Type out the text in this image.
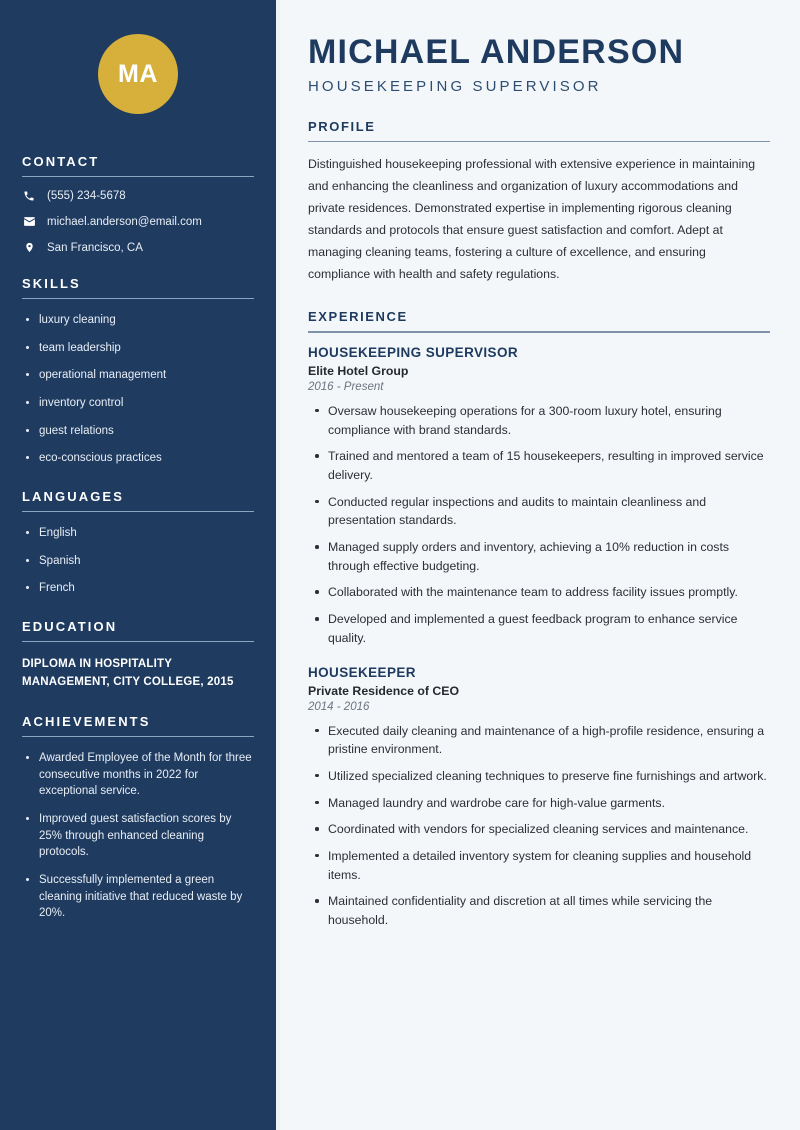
MA
CONTACT
(555) 234-5678
michael.anderson@email.com
San Francisco, CA
SKILLS
luxury cleaning
team leadership
operational management
inventory control
guest relations
eco-conscious practices
LANGUAGES
English
Spanish
French
EDUCATION
DIPLOMA IN HOSPITALITY MANAGEMENT, CITY COLLEGE, 2015
ACHIEVEMENTS
Awarded Employee of the Month for three consecutive months in 2022 for exceptional service.
Improved guest satisfaction scores by 25% through enhanced cleaning protocols.
Successfully implemented a green cleaning initiative that reduced waste by 20%.
MICHAEL ANDERSON
HOUSEKEEPING SUPERVISOR
PROFILE

Distinguished housekeeping professional with extensive experience in maintaining and enhancing the cleanliness and organization of luxury accommodations and private residences. Demonstrated expertise in implementing rigorous cleaning standards and protocols that ensure guest satisfaction and comfort. Adept at managing cleaning teams, fostering a culture of excellence, and ensuring compliance with health and safety regulations.

EXPERIENCE
HOUSEKEEPING SUPERVISOR
Elite Hotel Group
2016 - Present
Oversaw housekeeping operations for a 300-room luxury hotel, ensuring compliance with brand standards.
Trained and mentored a team of 15 housekeepers, resulting in improved service delivery.
Conducted regular inspections and audits to maintain cleanliness and presentation standards.
Managed supply orders and inventory, achieving a 10% reduction in costs through effective budgeting.
Collaborated with the maintenance team to address facility issues promptly.
Developed and implemented a guest feedback program to enhance service quality.
HOUSEKEEPER
Private Residence of CEO
2014 - 2016
Executed daily cleaning and maintenance of a high-profile residence, ensuring a pristine environment.
Utilized specialized cleaning techniques to preserve fine furnishings and artwork.
Managed laundry and wardrobe care for high-value garments.
Coordinated with vendors for specialized cleaning services and maintenance.
Implemented a detailed inventory system for cleaning supplies and household items.
Maintained confidentiality and discretion at all times while servicing the household.
